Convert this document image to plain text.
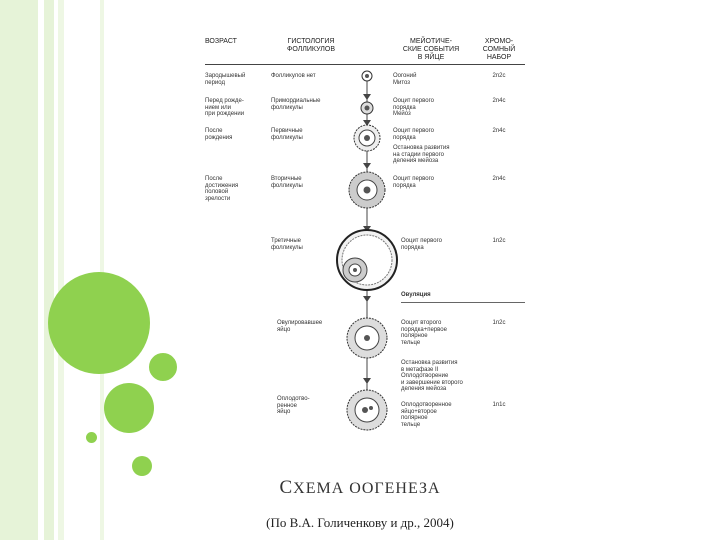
ВОЗРАСТ	ГИСТОЛОГИЯ
ФОЛЛИКУЛОВ
МЕЙОТИЧЕ-
СКИЕ СОБЫТИЯ
В ЯЙЦЕ
ХРОМО-
СОМНЫЙ
НАБОР
Зародышевый
период
Фолликулов нет	Оогоний
Митоз
2n2c
Перед рожде-
нием или
при рождении
Примордиальные
фолликулы
Ооцит первого
порядка
Мейоз
2n4c
После
рождения
Первичные
фолликулы
Ооцит первого
порядка
2n4c
Остановка развития
на стадии первого
деления мейоза
После
достижения
половой
зрелости
Вторичные
фолликулы
Ооцит первого
порядка
2n4c
Третичные
фолликулы
Ооцит первого
порядка
1n2c
Овуляция
Овулировавшее
яйцо
Ооцит второго
порядка+первое
полярное
тельце
1n2c
Остановка развития
в метафазе II
Оплодотворение
и завершение второго
деления мейоза
Оплодотво-
ренное
яйцо
Оплодотворенное
яйцо+второе
полярное
тельце
1n1c
СХЕМА ООГЕНЕЗА
(По В.А. Голиченкову и др., 2004)
